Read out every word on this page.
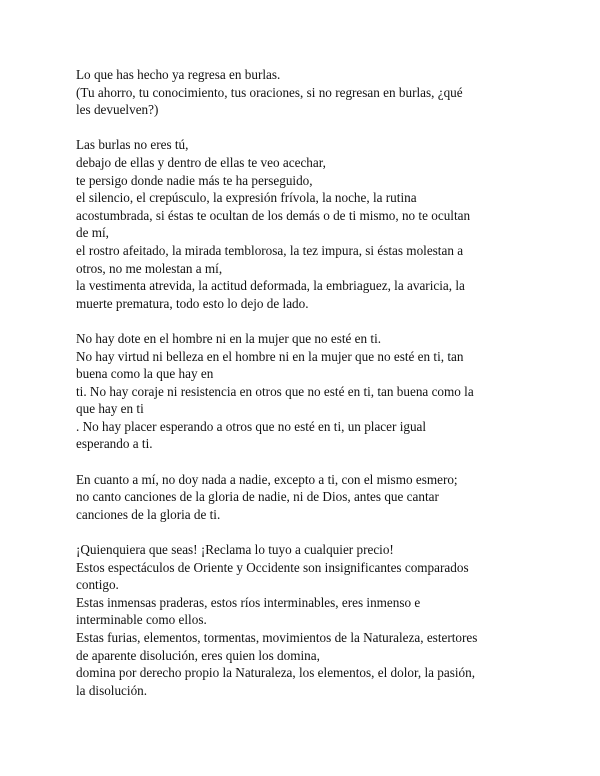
Lo que has hecho ya regresa en burlas.
(Tu ahorro, tu conocimiento, tus oraciones, si no regresan en burlas, ¿qué
les devuelven?)
Las burlas no eres tú,
debajo de ellas y dentro de ellas te veo acechar,
te persigo donde nadie más te ha perseguido,
el silencio, el crepúsculo, la expresión frívola, la noche, la rutina
acostumbrada, si éstas te ocultan de los demás o de ti mismo, no te ocultan
de mí,
el rostro afeitado, la mirada temblorosa, la tez impura, si éstas molestan a
otros, no me molestan a mí,
la vestimenta atrevida, la actitud deformada, la embriaguez, la avaricia, la
muerte prematura, todo esto lo dejo de lado.
No hay dote en el hombre ni en la mujer que no esté en ti.
No hay virtud ni belleza en el hombre ni en la mujer que no esté en ti, tan
buena como la que hay en
ti. No hay coraje ni resistencia en otros que no esté en ti, tan buena como la
que hay en ti
. No hay placer esperando a otros que no esté en ti, un placer igual
esperando a ti.
En cuanto a mí, no doy nada a nadie, excepto a ti, con el mismo esmero;
no canto canciones de la gloria de nadie, ni de Dios, antes que cantar
canciones de la gloria de ti.
¡Quienquiera que seas! ¡Reclama lo tuyo a cualquier precio!
Estos espectáculos de Oriente y Occidente son insignificantes comparados
contigo.
Estas inmensas praderas, estos ríos interminables, eres inmenso e
interminable como ellos.
Estas furias, elementos, tormentas, movimientos de la Naturaleza, estertores
de aparente disolución, eres quien los domina,
domina por derecho propio la Naturaleza, los elementos, el dolor, la pasión,
la disolución.
